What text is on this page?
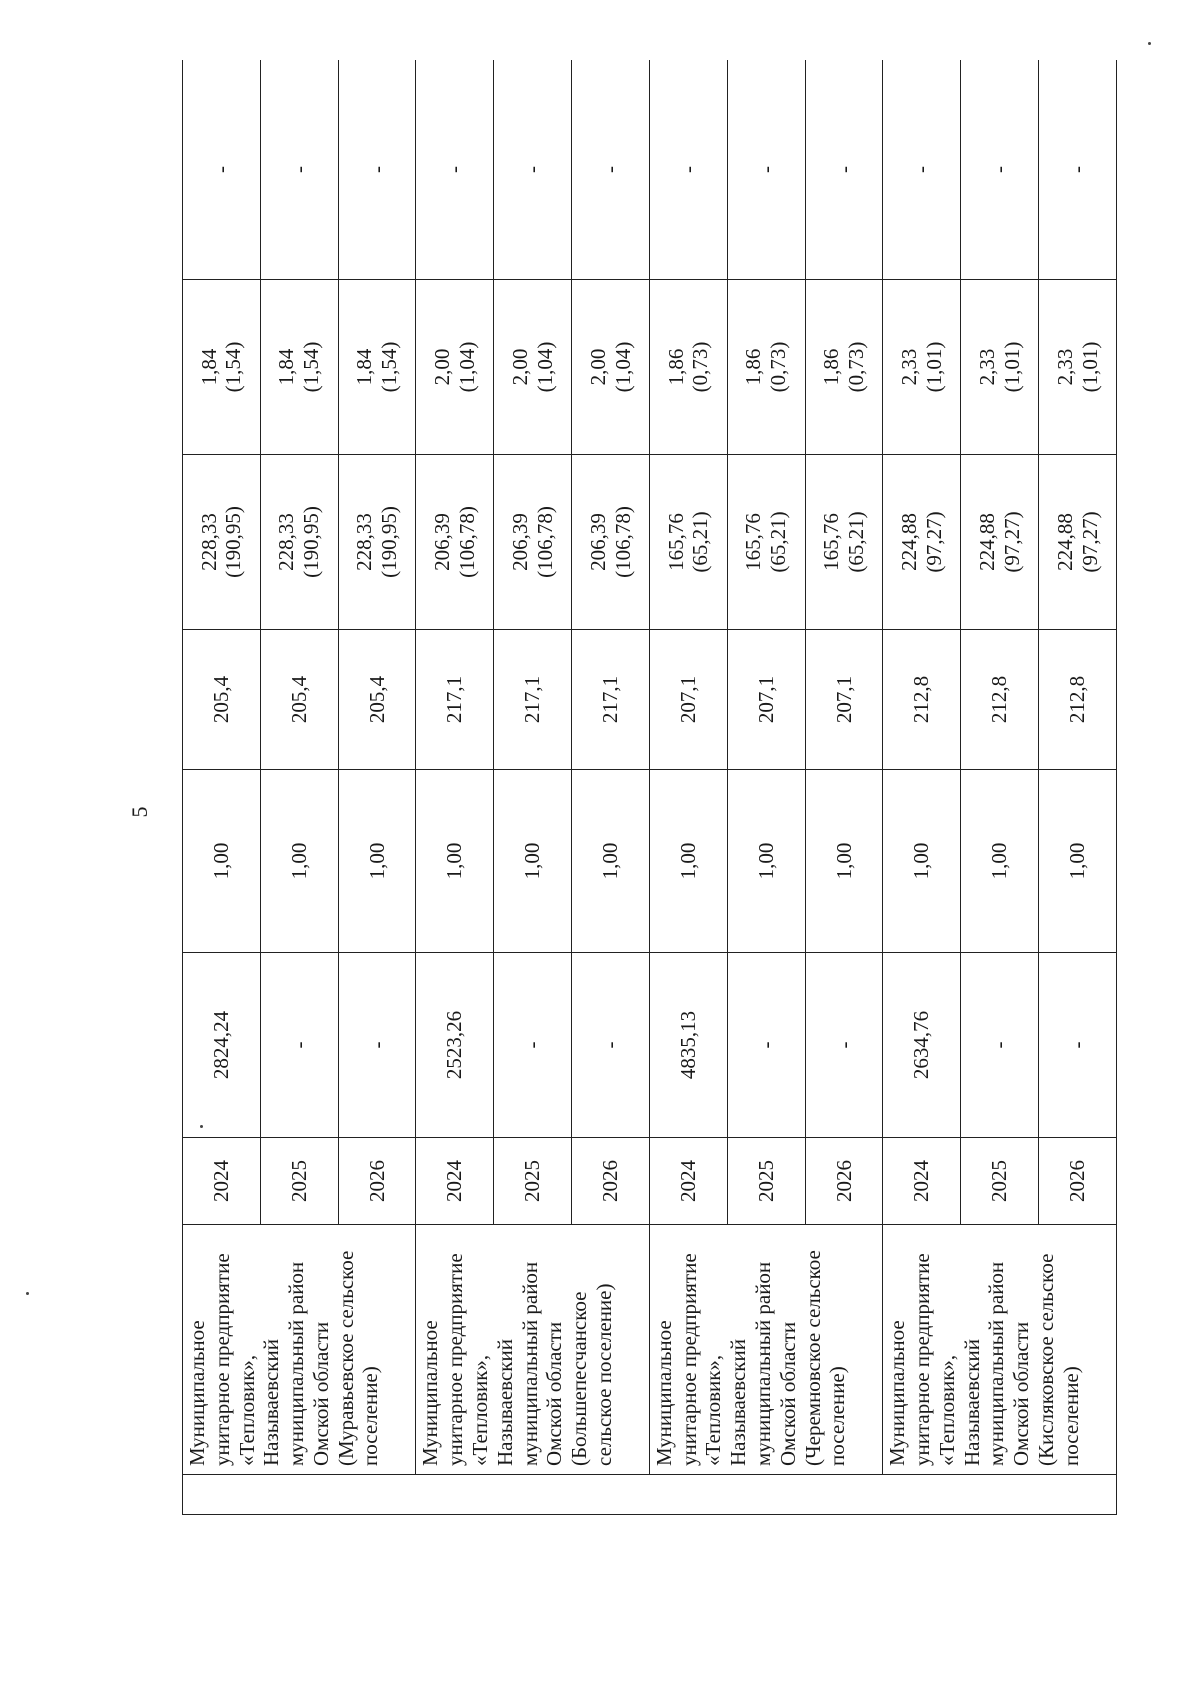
5
	Муниципальное унитарное предприятие «Тепловик», Называевский муниципальный район Омской области (Муравьевское сельское поселение)	2024	2824,24	1,00	205,4	228,33 (190,95)	1,84 (1,54)	-
		2025	-	1,00	205,4	228,33 (190,95)	1,84 (1,54)	-
		2026	-	1,00	205,4	228,33 (190,95)	1,84 (1,54)	-
	Муниципальное унитарное предприятие «Тепловик», Называевский муниципальный район Омской области (Большепесчанское сельское поселение)	2024	2523,26	1,00	217,1	206,39 (106,78)	2,00 (1,04)	-
		2025	-	1,00	217,1	206,39 (106,78)	2,00 (1,04)	-
		2026	-	1,00	217,1	206,39 (106,78)	2,00 (1,04)	-
	Муниципальное унитарное предприятие «Тепловик», Называевский муниципальный район Омской области (Черемновское сельское поселение)	2024	4835,13	1,00	207,1	165,76 (65,21)	1,86 (0,73)	-
		2025	-	1,00	207,1	165,76 (65,21)	1,86 (0,73)	-
		2026	-	1,00	207,1	165,76 (65,21)	1,86 (0,73)	-
	Муниципальное унитарное предприятие «Тепловик», Называевский муниципальный район Омской области (Кисляковское сельское поселение)	2024	2634,76	1,00	212,8	224,88 (97,27)	2,33 (1,01)	-
		2025	-	1,00	212,8	224,88 (97,27)	2,33 (1,01)	-
		2026	-	1,00	212,8	224,88 (97,27)	2,33 (1,01)	-
